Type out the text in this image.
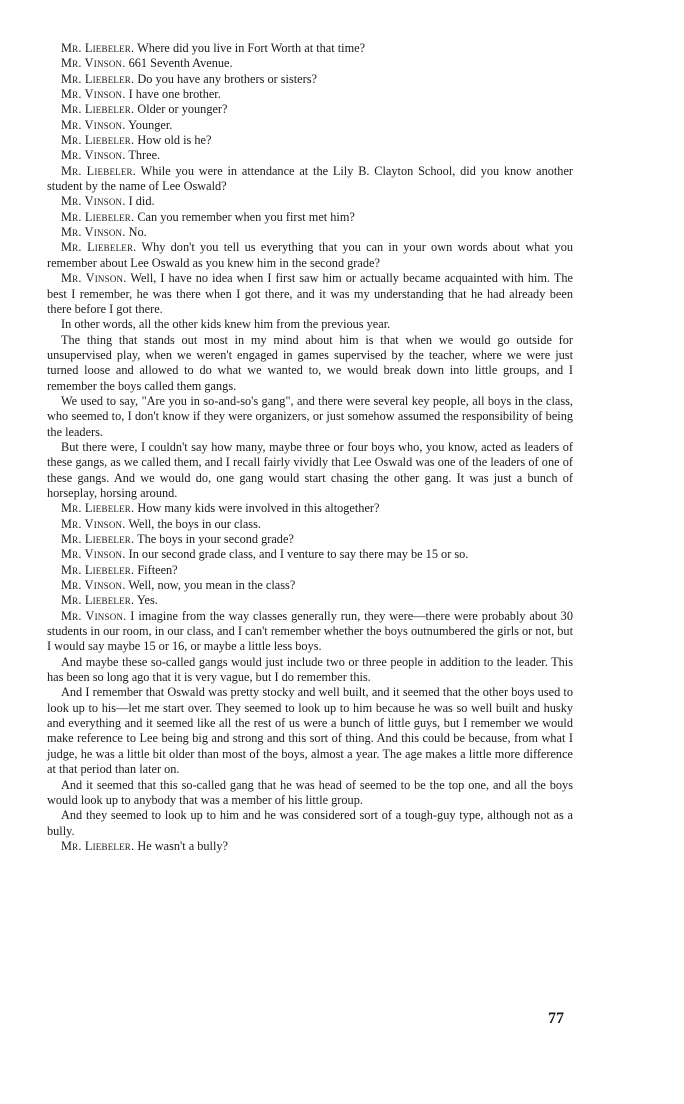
Mr. Liebeler. Where did you live in Fort Worth at that time?

Mr. Vinson. 661 Seventh Avenue.

Mr. Liebeler. Do you have any brothers or sisters?

Mr. Vinson. I have one brother.

Mr. Liebeler. Older or younger?

Mr. Vinson. Younger.

Mr. Liebeler. How old is he?

Mr. Vinson. Three.

Mr. Liebeler. While you were in attendance at the Lily B. Clayton School, did you know another student by the name of Lee Oswald?

Mr. Vinson. I did.

Mr. Liebeler. Can you remember when you first met him?

Mr. Vinson. No.

Mr. Liebeler. Why don't you tell us everything that you can in your own words about what you remember about Lee Oswald as you knew him in the second grade?

Mr. Vinson. Well, I have no idea when I first saw him or actually became acquainted with him. The best I remember, he was there when I got there, and it was my understanding that he had already been there before I got there.

In other words, all the other kids knew him from the previous year.

The thing that stands out most in my mind about him is that when we would go outside for unsupervised play, when we weren't engaged in games supervised by the teacher, where we were just turned loose and allowed to do what we wanted to, we would break down into little groups, and I remember the boys called them gangs.

We used to say, "Are you in so-and-so's gang", and there were several key people, all boys in the class, who seemed to, I don't know if they were organizers, or just somehow assumed the responsibility of being the leaders.

But there were, I couldn't say how many, maybe three or four boys who, you know, acted as leaders of these gangs, as we called them, and I recall fairly vividly that Lee Oswald was one of the leaders of one of these gangs. And we would do, one gang would start chasing the other gang. It was just a bunch of horseplay, horsing around.

Mr. Liebeler. How many kids were involved in this altogether?

Mr. Vinson. Well, the boys in our class.

Mr. Liebeler. The boys in your second grade?

Mr. Vinson. In our second grade class, and I venture to say there may be 15 or so.

Mr. Liebeler. Fifteen?

Mr. Vinson. Well, now, you mean in the class?

Mr. Liebeler. Yes.

Mr. Vinson. I imagine from the way classes generally run, they were—there were probably about 30 students in our room, in our class, and I can't remember whether the boys outnumbered the girls or not, but I would say maybe 15 or 16, or maybe a little less boys.

And maybe these so-called gangs would just include two or three people in addition to the leader. This has been so long ago that it is very vague, but I do remember this.

And I remember that Oswald was pretty stocky and well built, and it seemed that the other boys used to look up to his—let me start over. They seemed to look up to him because he was so well built and husky and everything and it seemed like all the rest of us were a bunch of little guys, but I remember we would make reference to Lee being big and strong and this sort of thing. And this could be because, from what I judge, he was a little bit older than most of the boys, almost a year. The age makes a little more difference at that period than later on.

And it seemed that this so-called gang that he was head of seemed to be the top one, and all the boys would look up to anybody that was a member of his little group.

And they seemed to look up to him and he was considered sort of a tough-guy type, although not as a bully.

Mr. Liebeler. He wasn't a bully?

77
